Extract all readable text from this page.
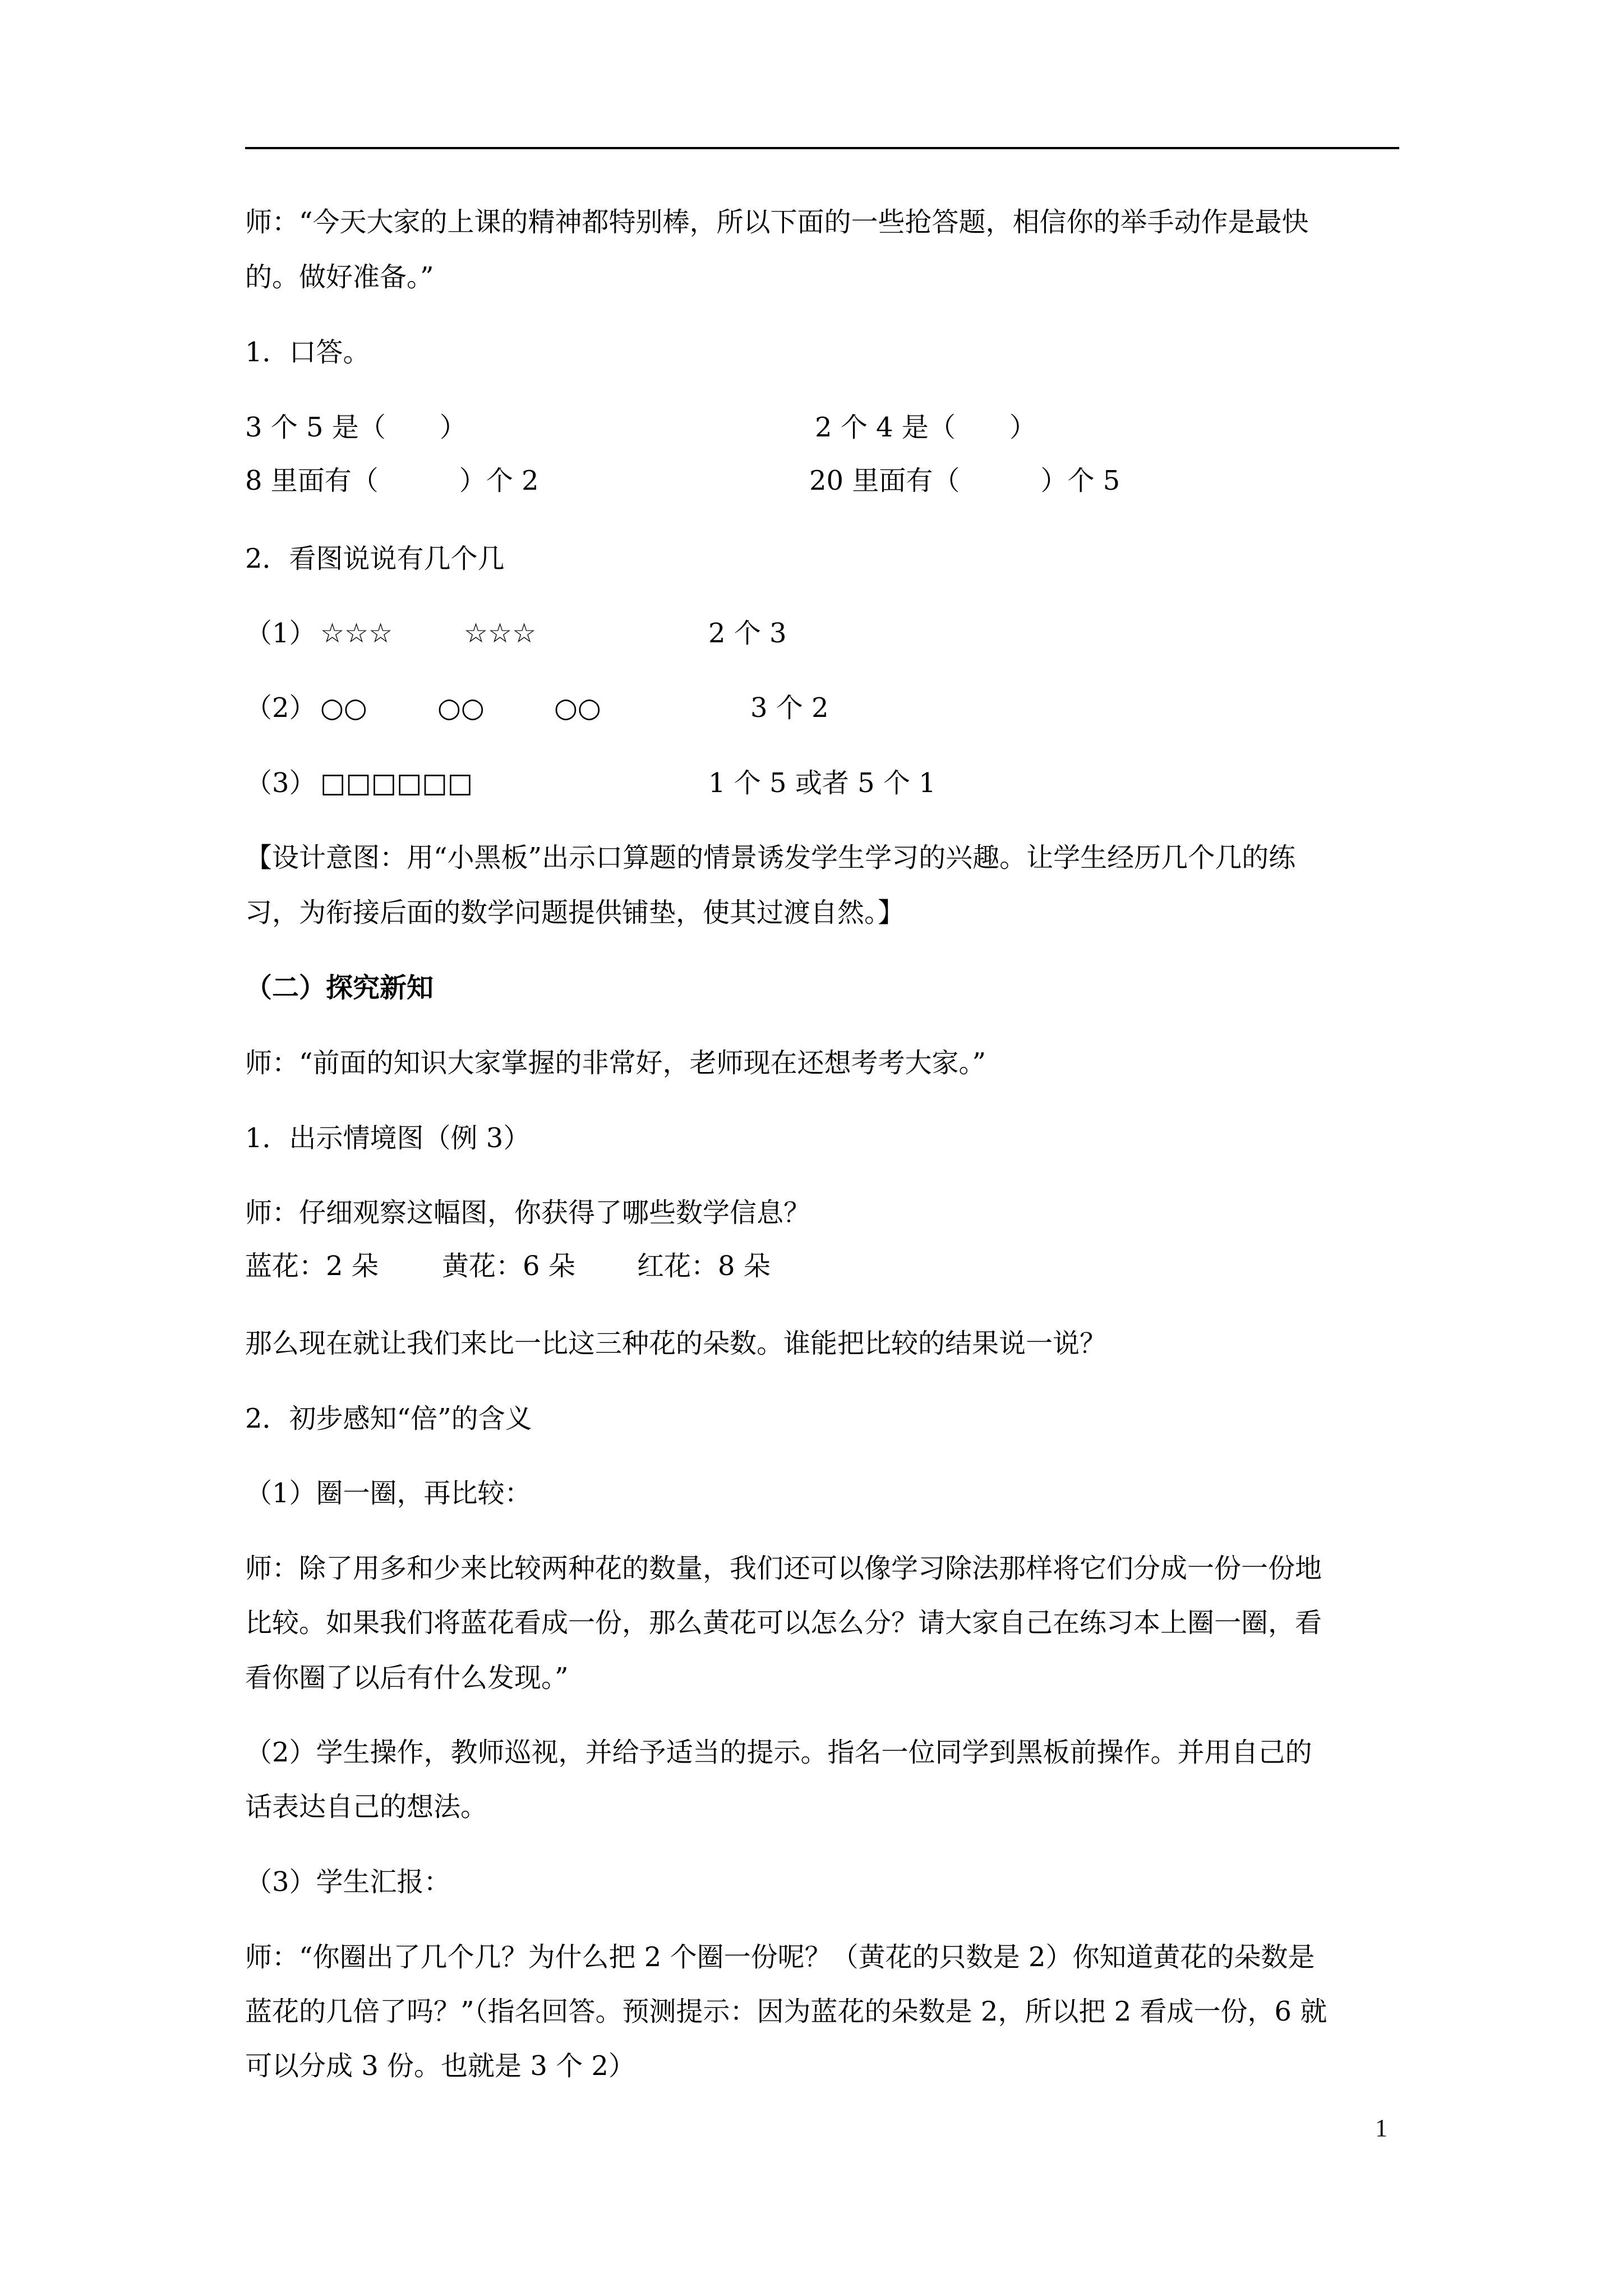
师：“今天大家的上课的精神都特别棒，所以下面的一些抢答题，相信你的举手动作是最快

的。做好准备。”

1．口答。

3 个 5 是（　　）	2 个 4 是（　　）

8 里面有（　　　）个 2	20 里面有（　　　）个 5

2．看图说说有几个几

（1） ☆☆☆	☆☆☆	2 个 3

（2） ○○	○○	○○	3 个 2

（3） □□□□□□	1 个 5 或者 5 个 1

【设计意图：用“小黑板”出示口算题的情景诱发学生学习的兴趣。让学生经历几个几的练

习，为衔接后面的数学问题提供铺垫，使其过渡自然。】

（二）探究新知

师：“前面的知识大家掌握的非常好，老师现在还想考考大家。”

1．出示情境图（例 3）

师：仔细观察这幅图，你获得了哪些数学信息？

蓝花：2 朵 黄花：6 朵 红花：8 朵

那么现在就让我们来比一比这三种花的朵数。谁能把比较的结果说一说？

2．初步感知“倍”的含义

（1）圈一圈，再比较：

师：除了用多和少来比较两种花的数量，我们还可以像学习除法那样将它们分成一份一份地

比较。如果我们将蓝花看成一份，那么黄花可以怎么分？请大家自己在练习本上圈一圈，看

看你圈了以后有什么发现。”

（2）学生操作，教师巡视，并给予适当的提示。指名一位同学到黑板前操作。并用自己的

话表达自己的想法。

（3）学生汇报：

师：“你圈出了几个几？为什么把 2 个圈一份呢？（黄花的只数是 2）你知道黄花的朵数是

蓝花的几倍了吗？”（指名回答。预测提示：因为蓝花的朵数是 2，所以把 2 看成一份，6 就

可以分成 3 份。也就是 3 个 2）

1
